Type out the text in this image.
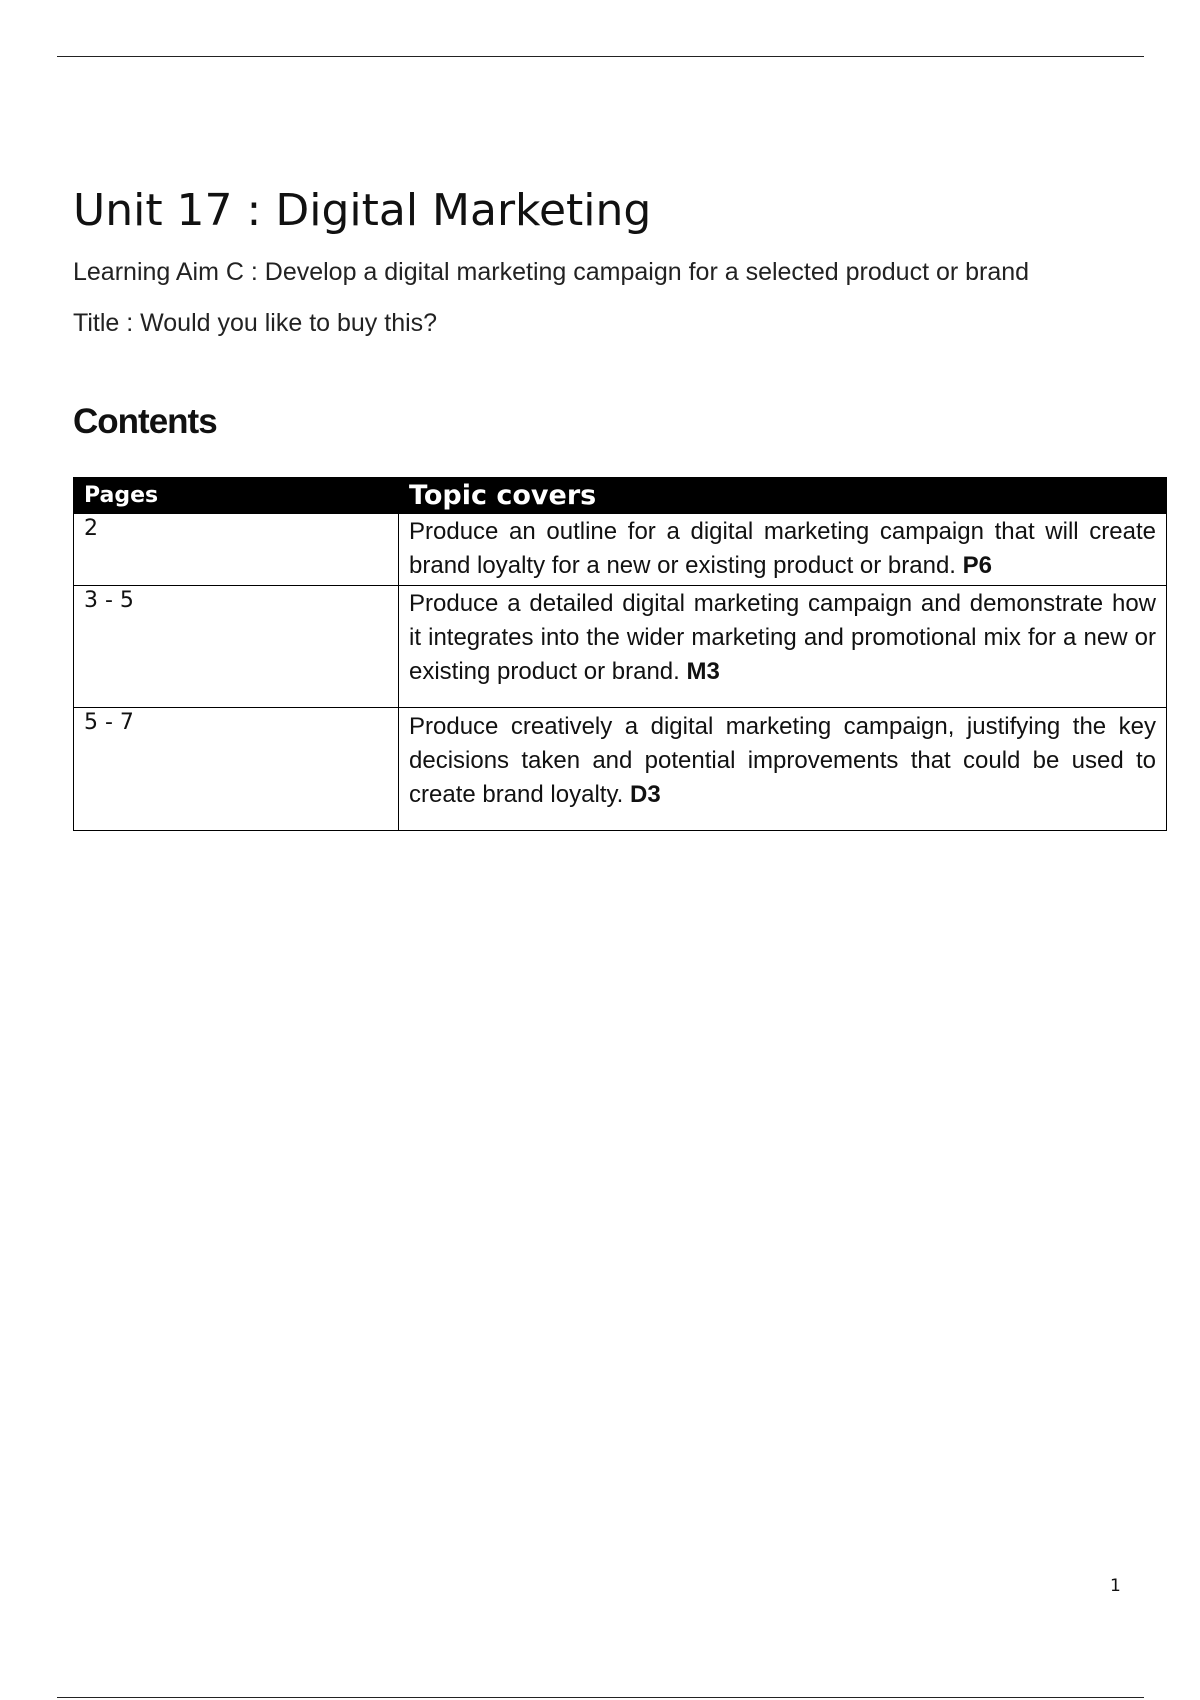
Unit 17 : Digital Marketing
Learning Aim C : Develop a digital marketing campaign for a selected product or brand
Title : Would you like to buy this?
Contents
Pages	Topic covers
2	Produce an outline for a digital marketing campaign that will create brand loyalty for a new or existing product or brand. P6
3 - 5	Produce a detailed digital marketing campaign and demonstrate how it integrates into the wider marketing and promotional mix for a new or existing product or brand. M3
5 - 7	Produce creatively a digital marketing campaign, justifying the key decisions taken and potential improvements that could be used to create brand loyalty. D3
1
